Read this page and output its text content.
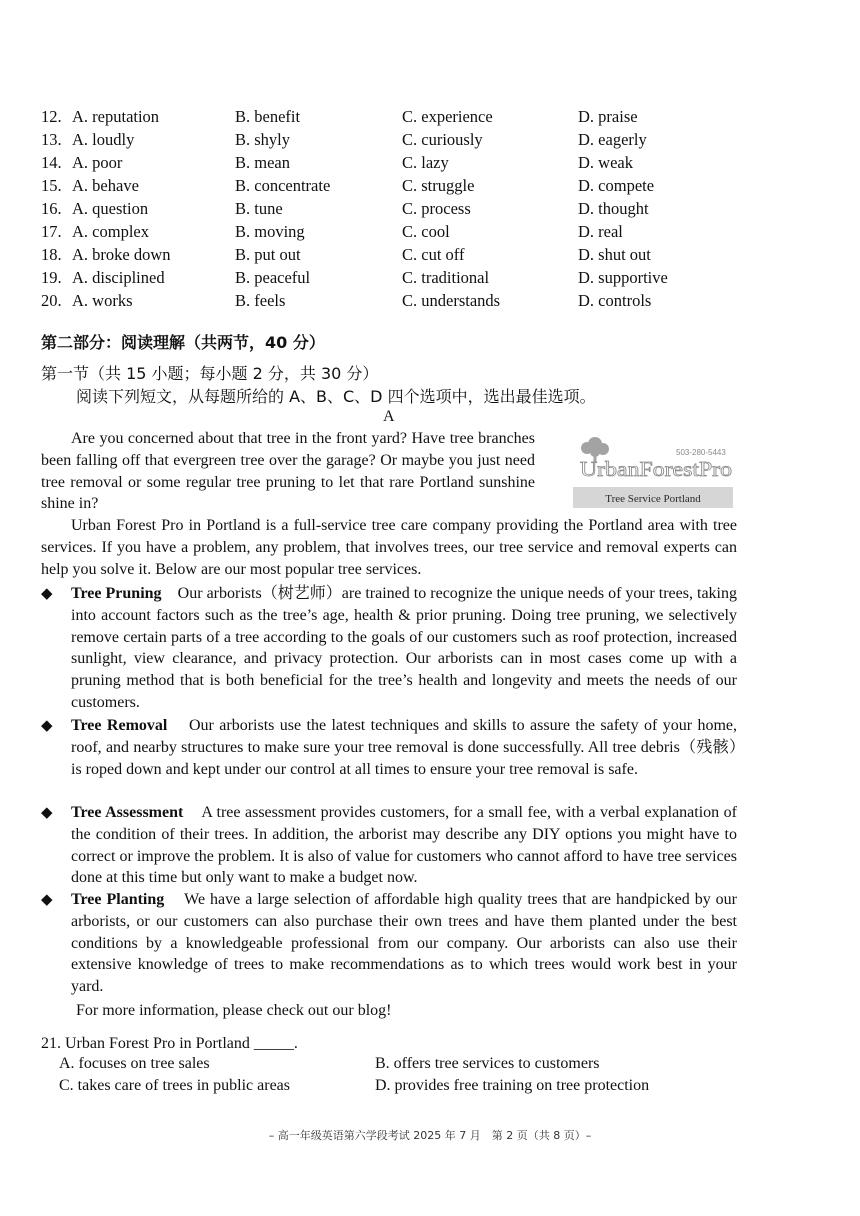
12. A. reputation	B. benefit	C. experience	D. praise
13. A. loudly	B. shyly	C. curiously	D. eagerly
14. A. poor	B. mean	C. lazy	D. weak
15. A. behave	B. concentrate	C. struggle	D. compete
16. A. question	B. tune	C. process	D. thought
17. A. complex	B. moving	C. cool	D. real
18. A. broke down	B. put out	C. cut off	D. shut out
19. A. disciplined	B. peaceful	C. traditional	D. supportive
20. A. works	B. feels	C. understands	D. controls
第二部分：阅读理解（共两节，40 分）
第一节（共 15 小题；每小题 2 分，共 30 分）
阅读下列短文，从每题所给的 A、B、C、D 四个选项中，选出最佳选项。
A
Are you concerned about that tree in the front yard? Have tree branches been falling off that evergreen tree over the garage? Or maybe you just need tree removal or some regular tree pruning to let that rare Portland sunshine shine in?
503-280-5443
UrbanForestPro
Tree Service Portland
Urban Forest Pro in Portland is a full-service tree care company providing the Portland area with tree services. If you have a problem, any problem, that involves trees, our tree service and removal experts can help you solve it. Below are our most popular tree services.
◆ Tree Pruning Our arborists（树艺师）are trained to recognize the unique needs of your trees, taking into account factors such as the tree’s age, health & prior pruning. Doing tree pruning, we selectively remove certain parts of a tree according to the goals of our customers such as roof protection, increased sunlight, view clearance, and privacy protection. Our arborists can in most cases come up with a pruning method that is both beneficial for the tree’s health and longevity and meets the needs of our customers.
◆ Tree Removal Our arborists use the latest techniques and skills to assure the safety of your home, roof, and nearby structures to make sure your tree removal is done successfully. All tree debris（残骸）is roped down and kept under our control at all times to ensure your tree removal is safe.
◆ Tree Assessment A tree assessment provides customers, for a small fee, with a verbal explanation of the condition of their trees. In addition, the arborist may describe any DIY options you might have to correct or improve the problem. It is also of value for customers who cannot afford to have tree services done at this time but only want to make a budget now.
◆ Tree Planting We have a large selection of affordable high quality trees that are handpicked by our arborists, or our customers can also purchase their own trees and have them planted under the best conditions by a knowledgeable professional from our company. Our arborists can also use their extensive knowledge of trees to make recommendations as to which trees would work best in your yard.
For more information, please check out our blog!
21. Urban Forest Pro in Portland _____.
A. focuses on tree sales	B. offers tree services to customers
C. takes care of trees in public areas	D. provides free training on tree protection
– 高一年级英语第六学段考试 2025 年 7 月　第 2 页（共 8 页）–
